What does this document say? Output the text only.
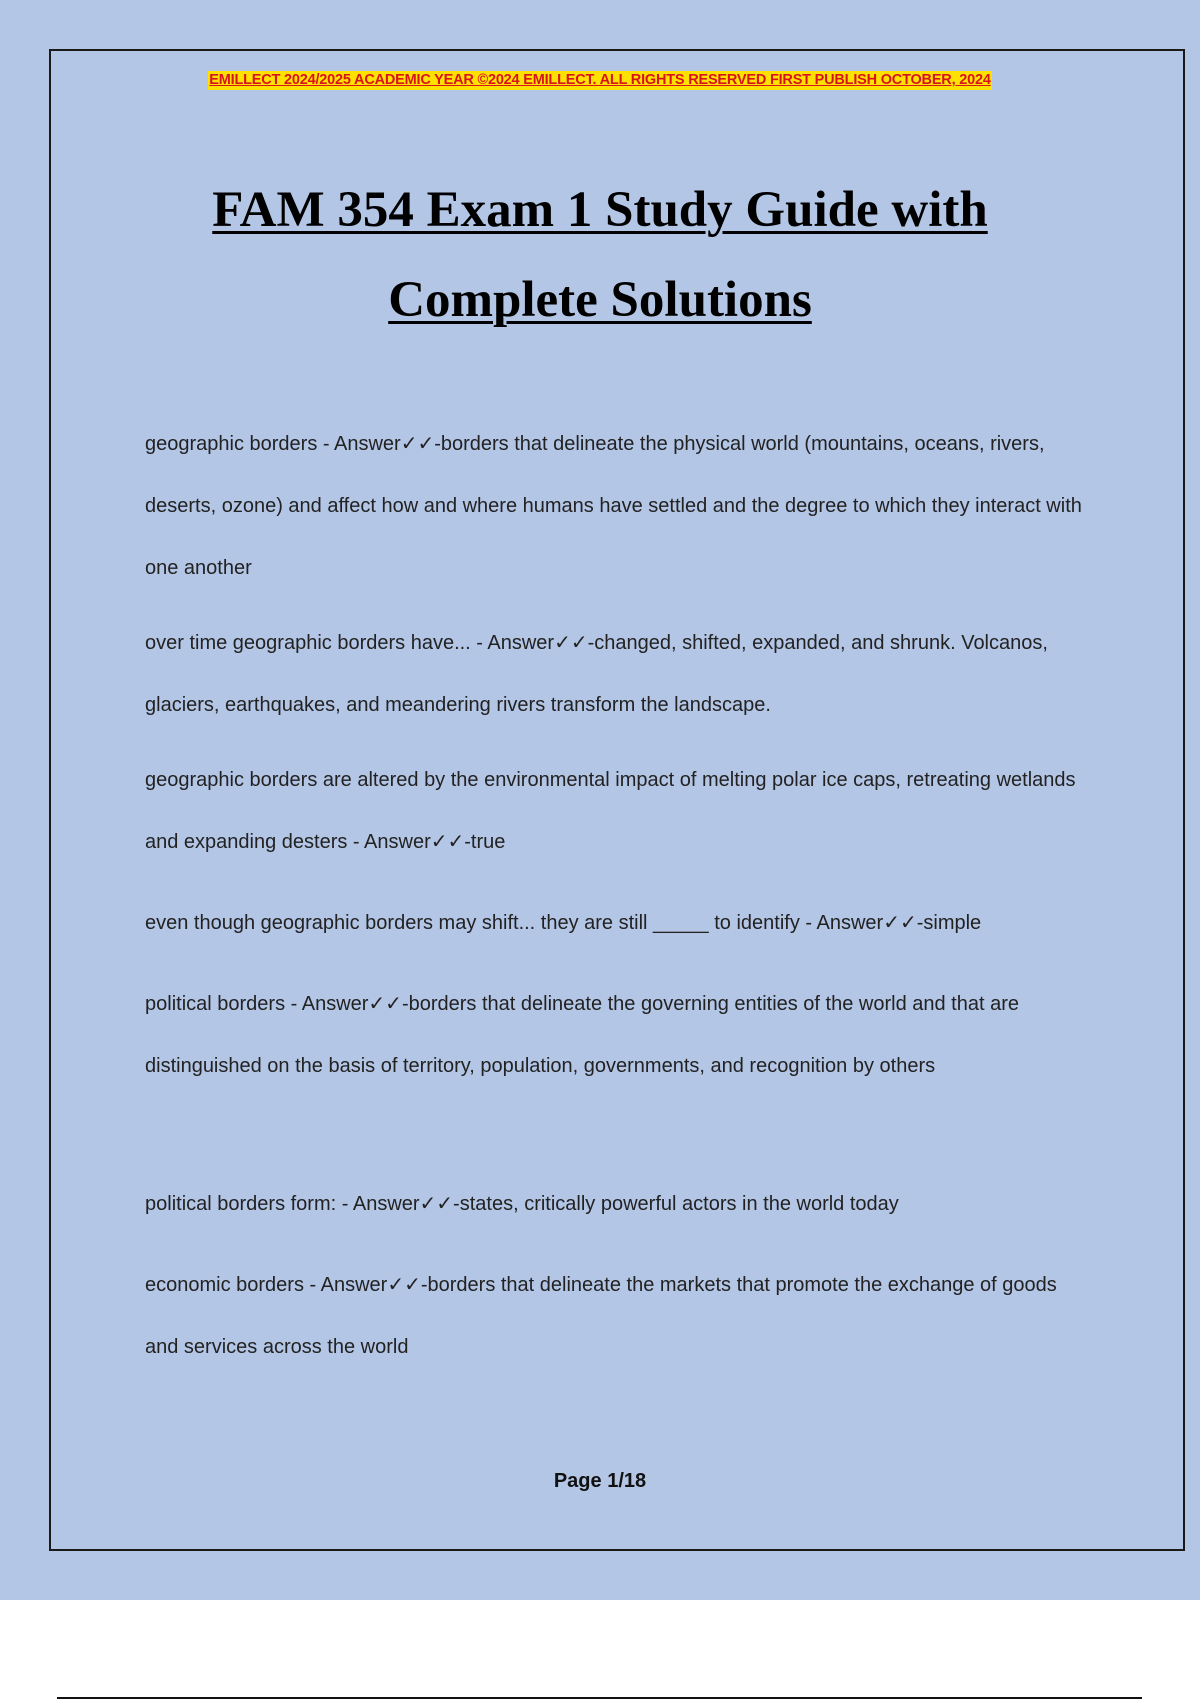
EMILLECT 2024/2025 ACADEMIC YEAR ©2024 EMILLECT. ALL RIGHTS RESERVED FIRST PUBLISH OCTOBER, 2024
FAM 354 Exam 1 Study Guide with
Complete Solutions
geographic borders - Answer✓✓-borders that delineate the physical world (mountains, oceans, rivers, deserts, ozone) and affect how and where humans have settled and the degree to which they interact with one another
over time geographic borders have... - Answer✓✓-changed, shifted, expanded, and shrunk. Volcanos, glaciers, earthquakes, and meandering rivers transform the landscape.
geographic borders are altered by the environmental impact of melting polar ice caps, retreating wetlands and expanding desters - Answer✓✓-true
even though geographic borders may shift... they are still _____ to identify - Answer✓✓-simple
political borders - Answer✓✓-borders that delineate the governing entities of the world and that are distinguished on the basis of territory, population, governments, and recognition by others
political borders form: - Answer✓✓-states, critically powerful actors in the world today
economic borders - Answer✓✓-borders that delineate the markets that promote the exchange of goods and services across the world
Page 1/18
